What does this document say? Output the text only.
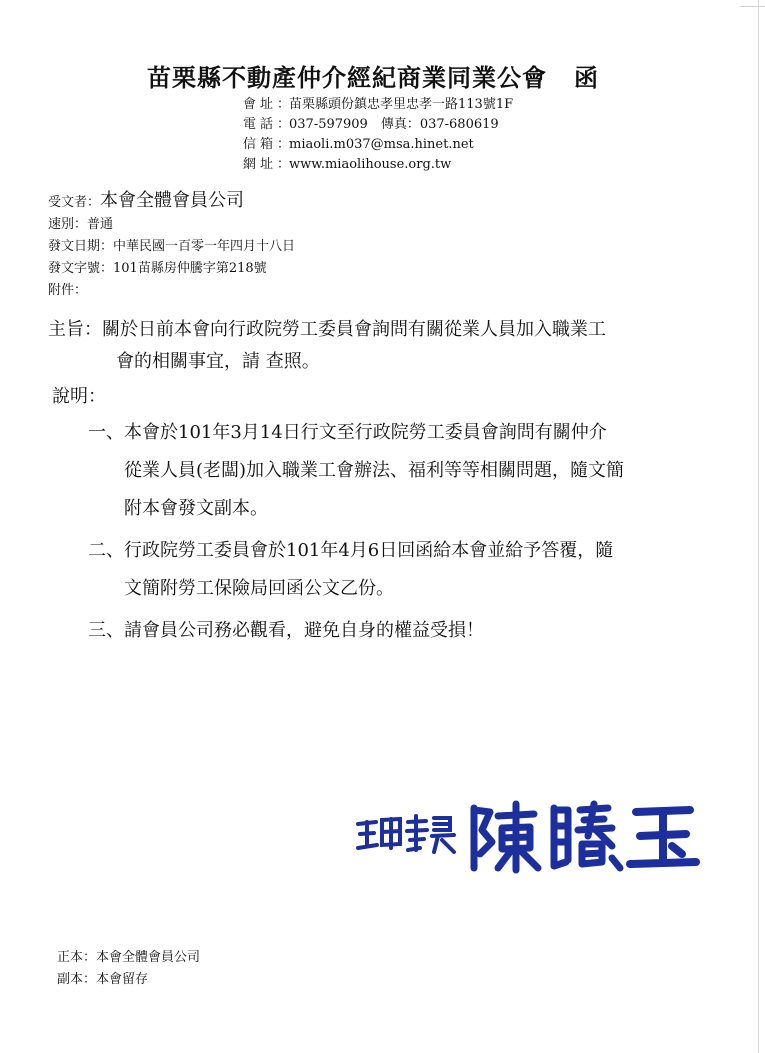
苗栗縣不動產仲介經紀商業同業公會 函
會址：苗栗縣頭份鎮忠孝里忠孝一路113號1F
電話：037-597909　傳真：037-680619
信箱：miaoli.m037@msa.hinet.net
網址：www.miaolihouse.org.tw
受文者：本會全體會員公司
速別：普通
發文日期：中華民國一百零一年四月十八日
發文字號：101苗縣房仲騰字第218號
附件：
主旨：關於日前本會向行政院勞工委員會詢問有關從業人員加入職業工
會的相關事宜，請 查照。
說明：
一、本會於101年3月14日行文至行政院勞工委員會詢問有關仲介
從業人員(老闆)加入職業工會辦法、福利等等相關問題，隨文簡
附本會發文副本。
二、行政院勞工委員會於101年4月6日回函給本會並給予答覆，隨
文簡附勞工保險局回函公文乙份。
三、請會員公司務必觀看，避免自身的權益受損！
正本：本會全體會員公司
副本：本會留存
